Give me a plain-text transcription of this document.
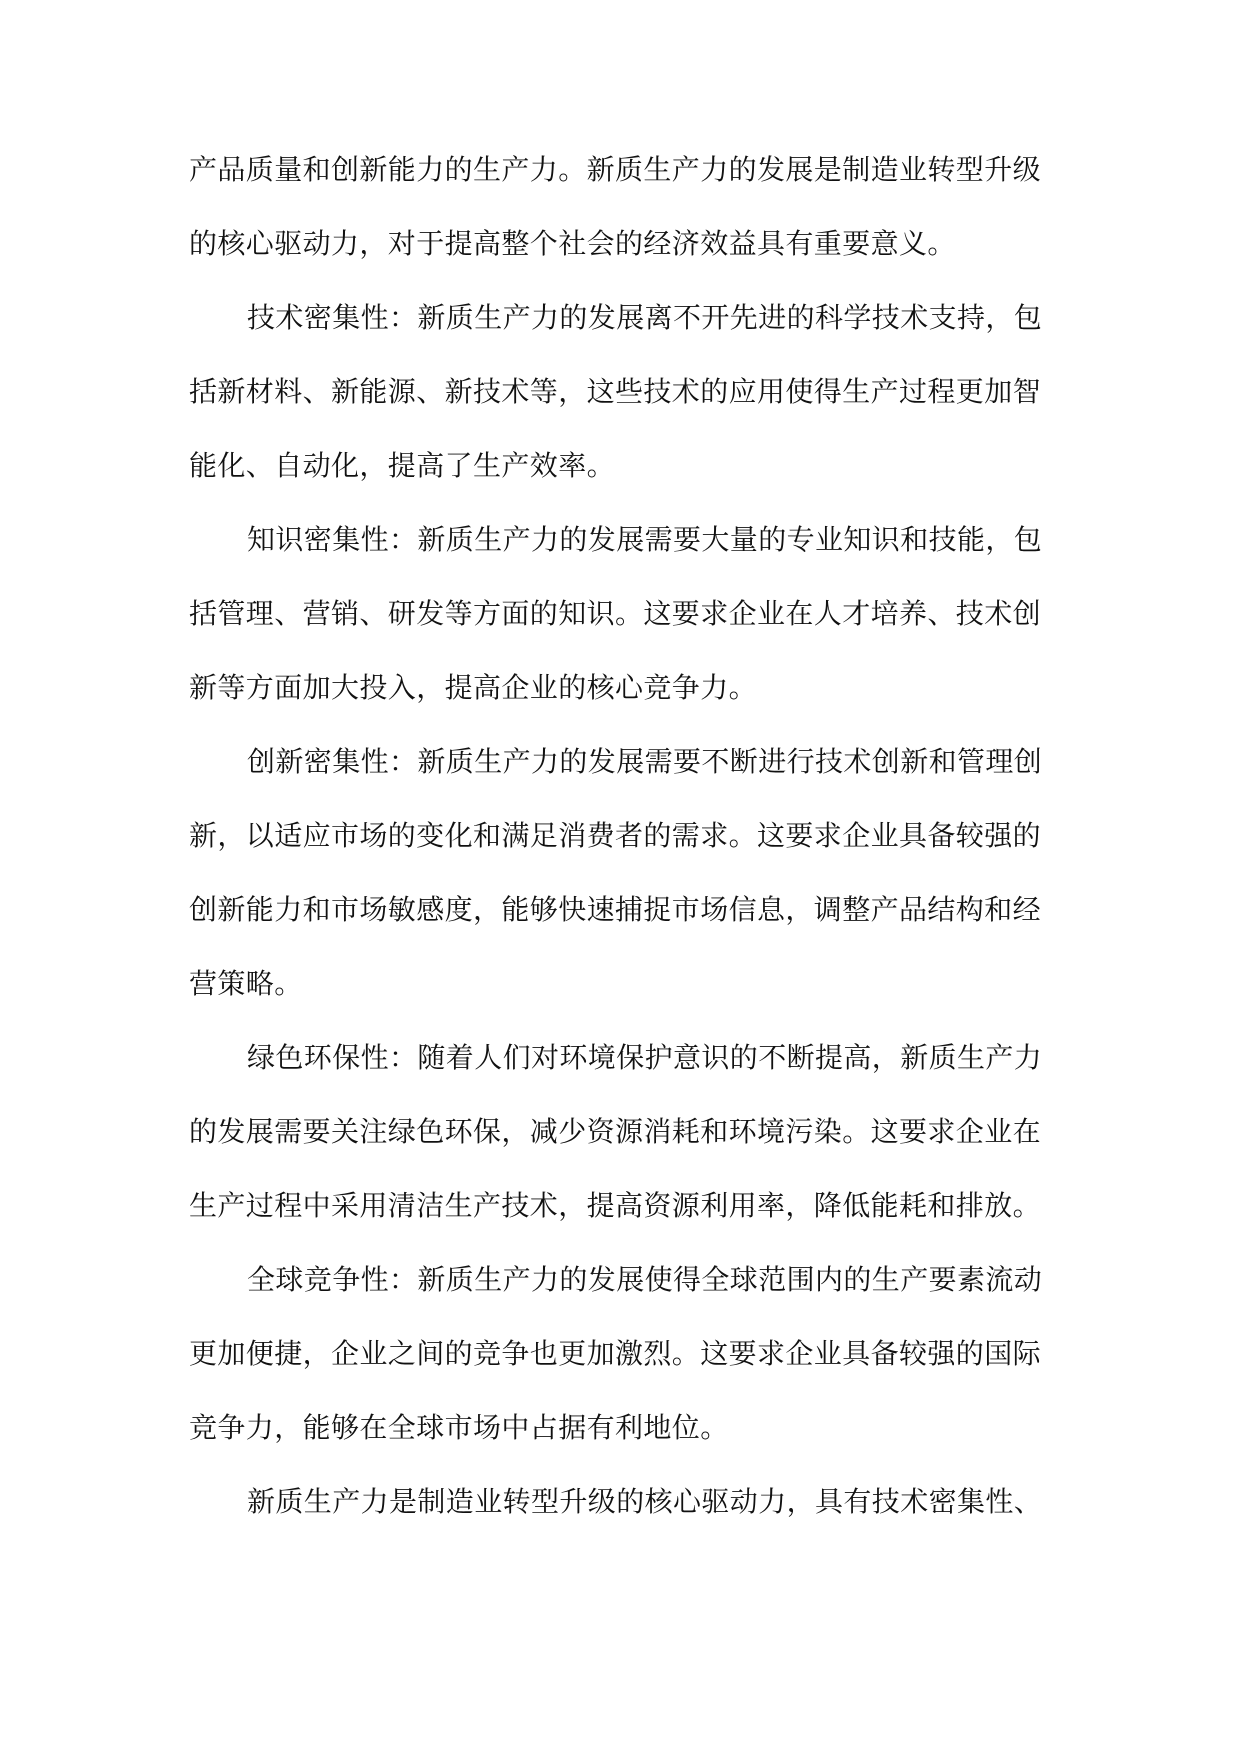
产品质量和创新能力的生产力。新质生产力的发展是制造业转型升级
的核心驱动力，对于提高整个社会的经济效益具有重要意义。

技术密集性：新质生产力的发展离不开先进的科学技术支持，包
括新材料、新能源、新技术等，这些技术的应用使得生产过程更加智
能化、自动化，提高了生产效率。

知识密集性：新质生产力的发展需要大量的专业知识和技能，包
括管理、营销、研发等方面的知识。这要求企业在人才培养、技术创
新等方面加大投入，提高企业的核心竞争力。

创新密集性：新质生产力的发展需要不断进行技术创新和管理创
新，以适应市场的变化和满足消费者的需求。这要求企业具备较强的
创新能力和市场敏感度，能够快速捕捉市场信息，调整产品结构和经
营策略。

绿色环保性：随着人们对环境保护意识的不断提高，新质生产力
的发展需要关注绿色环保，减少资源消耗和环境污染。这要求企业在
生产过程中采用清洁生产技术，提高资源利用率，降低能耗和排放。

全球竞争性：新质生产力的发展使得全球范围内的生产要素流动
更加便捷，企业之间的竞争也更加激烈。这要求企业具备较强的国际
竞争力，能够在全球市场中占据有利地位。

新质生产力是制造业转型升级的核心驱动力，具有技术密集性、
